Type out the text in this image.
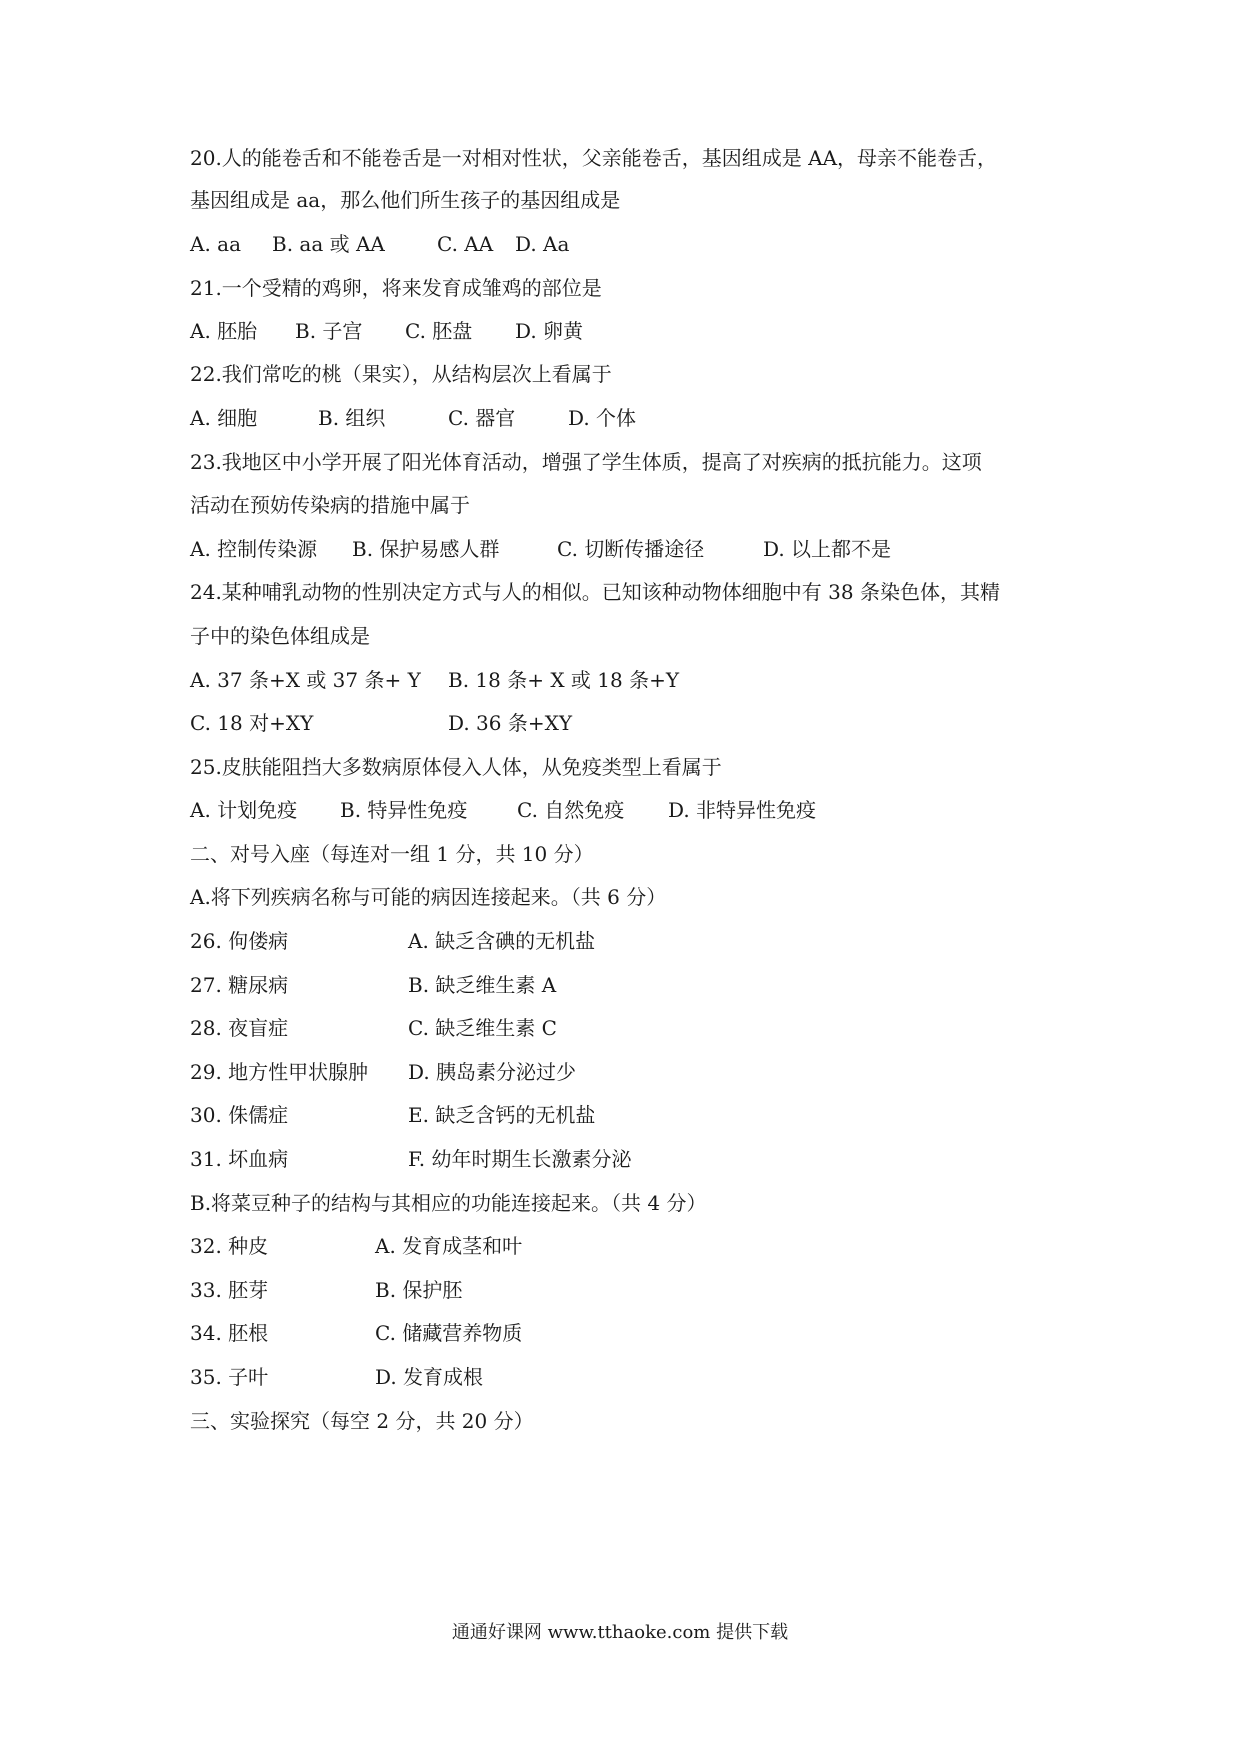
20.人的能卷舌和不能卷舌是一对相对性状，父亲能卷舌，基因组成是 AA，母亲不能卷舌，
基因组成是 aa，那么他们所生孩子的基因组成是
A. aa B. aa 或 AA	C. AA D. Aa
21.一个受精的鸡卵，将来发育成雏鸡的部位是
A. 胚胎 B. 子宫 C. 胚盘 D. 卵黄
22.我们常吃的桃（果实），从结构层次上看属于
A. 细胞	B. 组织	C. 器官	D. 个体
23.我地区中小学开展了阳光体育活动，增强了学生体质，提高了对疾病的抵抗能力。这项
活动在预妨传染病的措施中属于
A. 控制传染源 B. 保护易感人群	C. 切断传播途径	D. 以上都不是
24.某种哺乳动物的性别决定方式与人的相似。已知该种动物体细胞中有 38 条染色体，其精
子中的染色体组成是
A. 37 条+X 或 37 条+ Y B. 18 条+ X 或 18 条+Y
C. 18 对+XY	D. 36 条+XY
25.皮肤能阻挡大多数病原体侵入人体，从免疫类型上看属于
A. 计划免疫 B. 特异性免疫 C. 自然免疫 D. 非特异性免疫
二、对号入座（每连对一组 1 分，共 10 分）
A.将下列疾病名称与可能的病因连接起来。（共 6 分）
26. 佝偻病	A. 缺乏含碘的无机盐
27. 糖尿病	B. 缺乏维生素 A
28. 夜盲症	C. 缺乏维生素 C
29. 地方性甲状腺肿 D. 胰岛素分泌过少
30. 侏儒症	E. 缺乏含钙的无机盐
31. 坏血病	F. 幼年时期生长激素分泌
B.将菜豆种子的结构与其相应的功能连接起来。（共 4 分）
32. 种皮	A. 发育成茎和叶
33. 胚芽	B. 保护胚
34. 胚根	C. 储藏营养物质
35. 子叶	D. 发育成根
三、实验探究（每空 2 分，共 20 分）
通通好课网 www.tthaoke.com 提供下载
